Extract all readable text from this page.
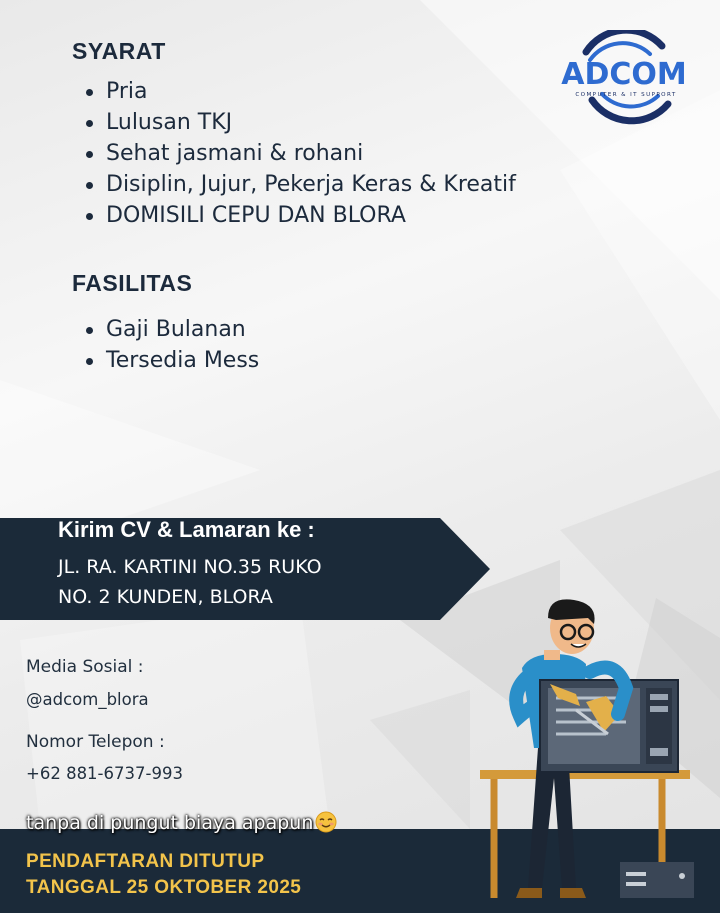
SYARAT
Pria
Lulusan TKJ
Sehat jasmani & rohani
Disiplin, Jujur, Pekerja Keras & Kreatif
DOMISILI CEPU DAN BLORA
FASILITAS
Gaji Bulanan
Tersedia Mess
ADCOM
COMPUTER & IT SUPPORT
Kirim CV & Lamaran ke :
JL. RA. KARTINI NO.35 RUKO
NO. 2 KUNDEN, BLORA
Media Sosial :
@adcom_blora
Nomor Telepon :
+62 881-6737-993
PENDAFTARAN DITUTUP
TANGGAL 25 OKTOBER 2025
tanpa di pungut biaya apapun
